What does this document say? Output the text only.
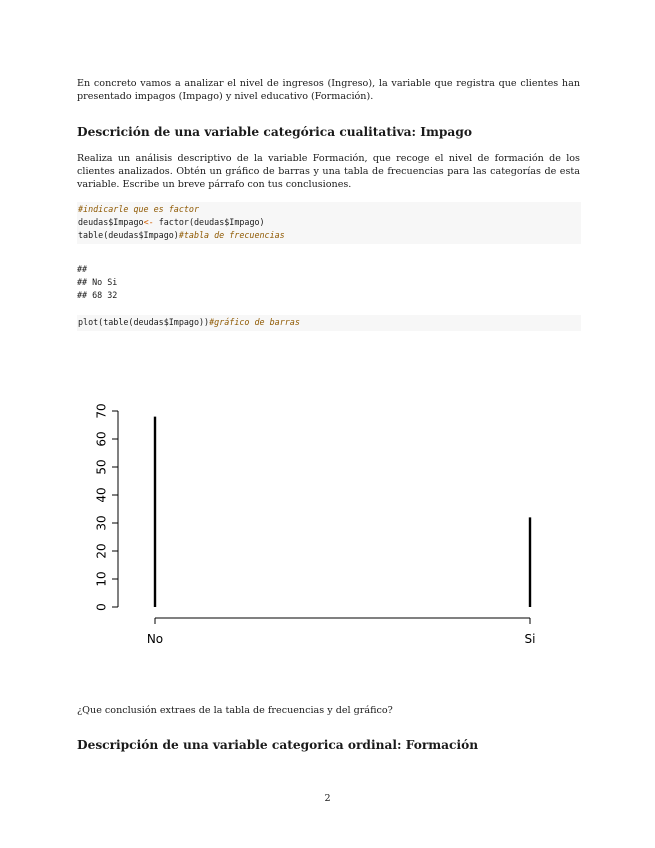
En concreto vamos a analizar el nivel de ingresos (Ingreso), la variable que registra que clientes han presentado impagos (Impago) y nivel educativo (Formación).

Descrición de una variable categórica cualitativa: Impago

Realiza un análisis descriptivo de la variable Formación, que recoge el nivel de formación de los clientes analizados. Obtén un gráfico de barras y una tabla de frecuencias para las categorías de esta variable. Escribe un breve párrafo con tus conclusiones.

#indicarle que es factor
deudas$Impago<- factor(deudas$Impago)
table(deudas$Impago)#tabla de frecuencias
##
## No Si
## 68 32
plot(table(deudas$Impago))#gráfico de barras
0
10
20
30
40
50
60
70
No	Si

¿Que conclusión extraes de la tabla de frecuencias y del gráfico?

Descripción de una variable categorica ordinal: Formación
2
